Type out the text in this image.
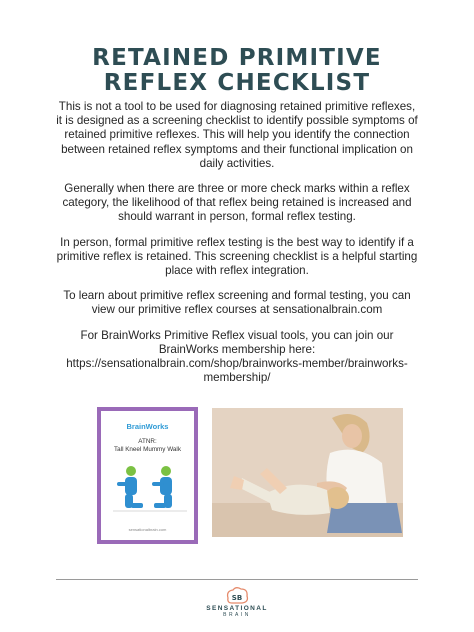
RETAINED PRIMITIVE
REFLEX CHECKLIST

This is not a tool to be used for diagnosing retained primitive reflexes, it is designed as a screening checklist to identify possible symptoms of retained primitive reflexes. This will help you identify the connection between retained reflex symptoms and their functional implication on daily activities.

Generally when there are three or more check marks within a reflex category, the likelihood of that reflex being retained is increased and should warrant in person, formal reflex testing.

In person, formal primitive reflex testing is the best way to identify if a primitive reflex is retained. This screening checklist is a helpful starting place with reflex integration.

To learn about primitive reflex screening and formal testing, you can view our primitive reflex courses at sensationalbrain.com

For BrainWorks Primitive Reflex visual tools, you can join our BrainWorks membership here: https://sensationalbrain.com/shop/brainworks-member/brainworks-membership/

BrainWorks
ATNR:
Tall Kneel Mummy Walk
sensationalbrain.com
SB
SENSATIONAL
BRAIN
